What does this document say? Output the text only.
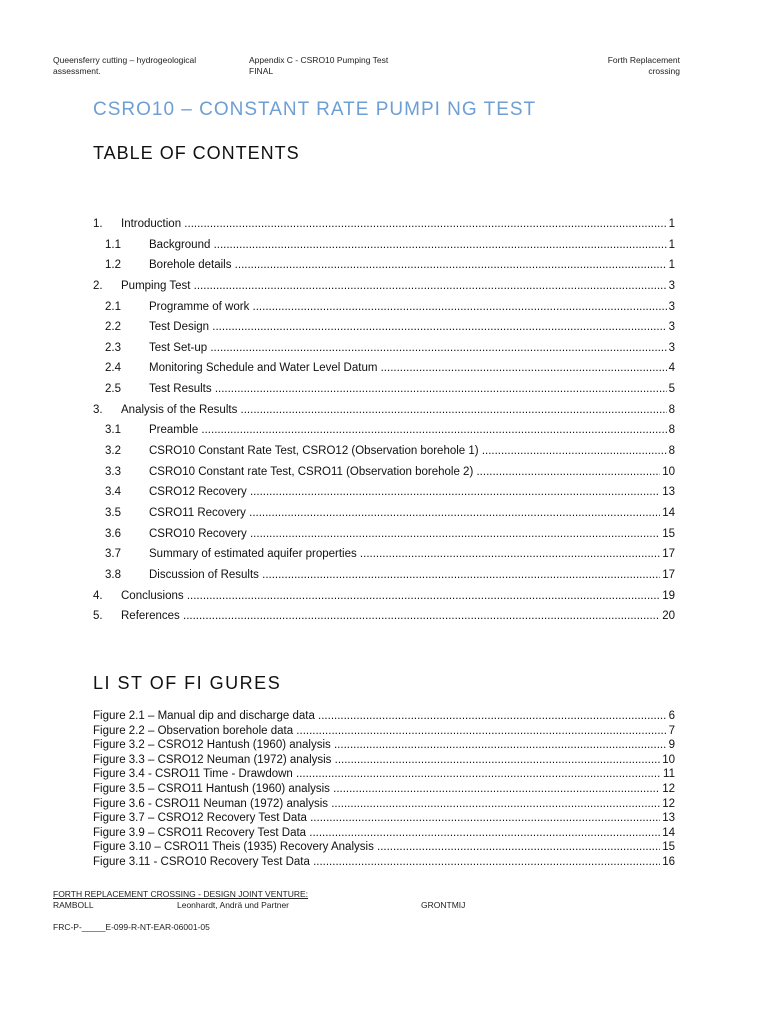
Queensferry cutting – hydrogeological
assessment.
Appendix C - CSRO10 Pumping Test
FINAL
Forth Replacement
crossing
CSRO10 – CONSTANT RATE PUMPI NG TEST
TABLE OF CONTENTS
1. Introduction .....	1
1.1 Background .....	1
1.2 Borehole details .....	1
2. Pumping Test .....	3
2.1 Programme of work .....	3
2.2 Test Design .....	3
2.3 Test Set-up .....	3
2.4 Monitoring Schedule and Water Level Datum .....	4
2.5 Test Results .....	5
3. Analysis of the Results .....	8
3.1 Preamble .....	8
3.2 CSRO10 Constant Rate Test, CSRO12 (Observation borehole 1) .....	8
3.3 CSRO10 Constant rate Test, CSRO11 (Observation borehole 2) .....	10
3.4 CSRO12 Recovery .....	13
3.5 CSRO11 Recovery .....	14
3.6 CSRO10 Recovery .....	15
3.7 Summary of estimated aquifer properties .....	17
3.8 Discussion of Results .....	17
4. Conclusions .....	19
5. References .....	20
LI ST OF FI GURES
Figure 2.1 – Manual dip and discharge data .....	6
Figure 2.2 – Observation borehole data .....	7
Figure 3.2 – CSRO12 Hantush (1960) analysis .....	9
Figure 3.3 – CSRO12 Neuman (1972) analysis .....	10
Figure 3.4 - CSRO11 Time - Drawdown .....	11
Figure 3.5 – CSRO11 Hantush (1960) analysis .....	12
Figure 3.6 - CSRO11 Neuman (1972) analysis .....	12
Figure 3.7 – CSRO12 Recovery Test Data .....	13
Figure 3.9 – CSRO11 Recovery Test Data .....	14
Figure 3.10 – CSRO11 Theis (1935) Recovery Analysis .....	15
Figure 3.11 - CSRO10 Recovery Test Data .....	16
FORTH REPLACEMENT CROSSING - DESIGN JOINT VENTURE:
RAMBOLL	Leonhardt, Andrä und Partner	GRONTMIJ
FRC-P-_____E-099-R-NT-EAR-06001-05
